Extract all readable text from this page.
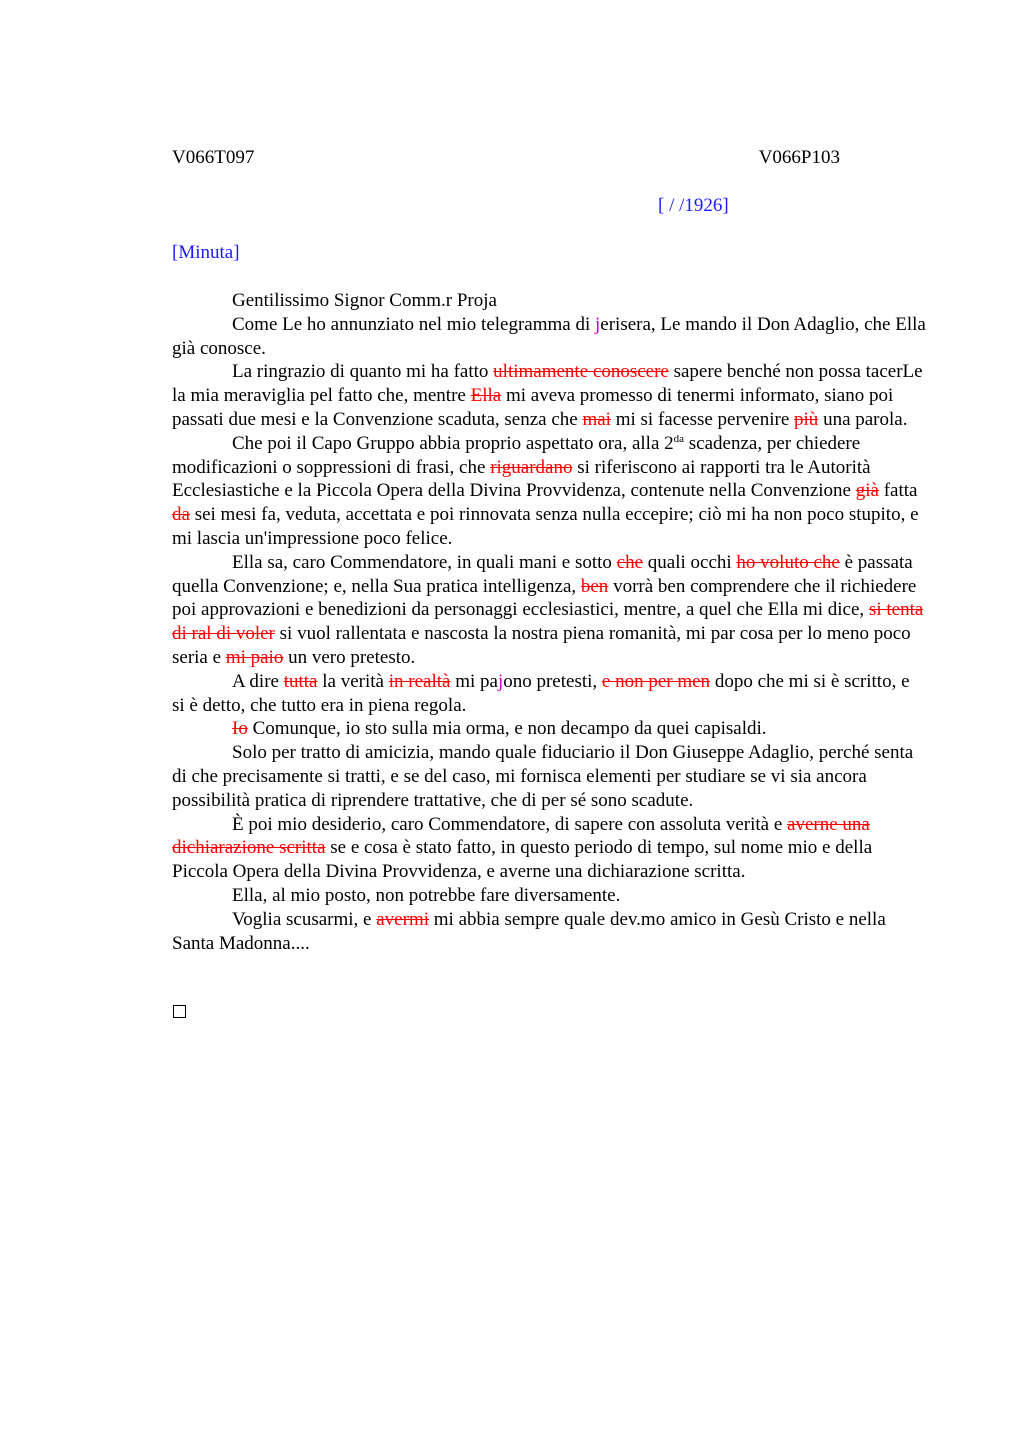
V066T097	V066P103
[ / /1926]
[Minuta]

Gentilissimo Signor Comm.r Proja

Come Le ho annunziato nel mio telegramma di jerisera, Le mando il Don Adaglio, che Ella già conosce.

La ringrazio di quanto mi ha fatto ultimamente conoscere sapere benché non possa tacerLe la mia meraviglia pel fatto che, mentre Ella mi aveva promesso di tenermi informato, siano poi passati due mesi e la Convenzione scaduta, senza che mai mi si facesse pervenire più una parola.

Che poi il Capo Gruppo abbia proprio aspettato ora, alla $2^{da}$ scadenza, per chiedere modificazioni o soppressioni di frasi, che riguardano si riferiscono ai rapporti tra le Autorità Ecclesiastiche e la Piccola Opera della Divina Provvidenza, contenute nella Convenzione già fatta da sei mesi fa, veduta, accettata e poi rinnovata senza nulla eccepire; ciò mi ha non poco stupito, e mi lascia un'impressione poco felice.

Ella sa, caro Commendatore, in quali mani e sotto che quali occhi ho voluto che è passata quella Convenzione; e, nella Sua pratica intelligenza, ben vorrà ben comprendere che il richiedere poi approvazioni e benedizioni da personaggi ecclesiastici, mentre, a quel che Ella mi dice, si tenta di ral di voler si vuol rallentata e nascosta la nostra piena romanità, mi par cosa per lo meno poco seria e mi paio un vero pretesto.

A dire tutta la verità in realtà mi pajono pretesti, e non per men dopo che mi si è scritto, e si è detto, che tutto era in piena regola.

Io Comunque, io sto sulla mia orma, e non decampo da quei capisaldi.

Solo per tratto di amicizia, mando quale fiduciario il Don Giuseppe Adaglio, perché senta di che precisamente si tratti, e se del caso, mi fornisca elementi per studiare se vi sia ancora possibilità pratica di riprendere trattative, che di per sé sono scadute.

È poi mio desiderio, caro Commendatore, di sapere con assoluta verità e averne una dichiarazione scritta se e cosa è stato fatto, in questo periodo di tempo, sul nome mio e della Piccola Opera della Divina Provvidenza, e averne una dichiarazione scritta.

Ella, al mio posto, non potrebbe fare diversamente.

Voglia scusarmi, e avermi mi abbia sempre quale dev.mo amico in Gesù Cristo e nella Santa Madonna....
